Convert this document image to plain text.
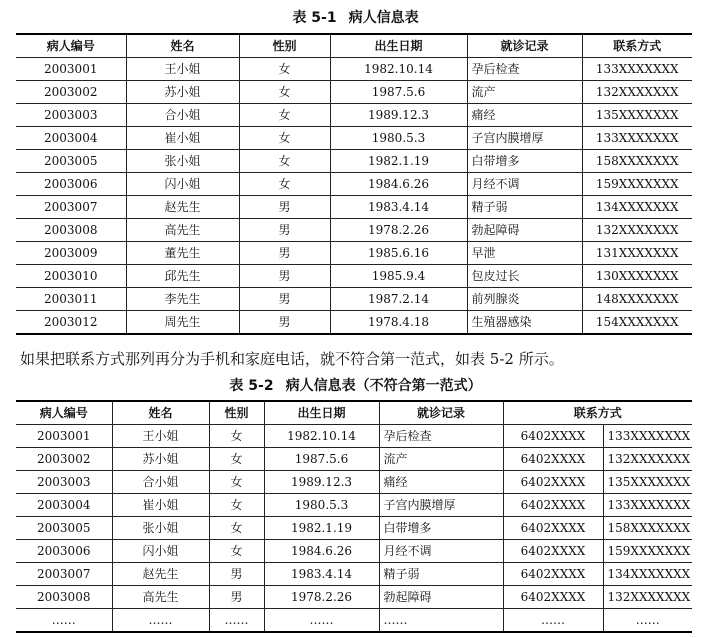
表 5-1 病人信息表
病人编号	姓名	性别	出生日期	就诊记录	联系方式
2003001	王小姐	女	1982.10.14	孕后检查	133XXXXXXX
2003002	苏小姐	女	1987.5.6	流产	132XXXXXXX
2003003	合小姐	女	1989.12.3	痛经	135XXXXXXX
2003004	崔小姐	女	1980.5.3	子宫内膜增厚	133XXXXXXX
2003005	张小姐	女	1982.1.19	白带增多	158XXXXXXX
2003006	闪小姐	女	1984.6.26	月经不调	159XXXXXXX
2003007	赵先生	男	1983.4.14	精子弱	134XXXXXXX
2003008	高先生	男	1978.2.26	勃起障碍	132XXXXXXX
2003009	董先生	男	1985.6.16	早泄	131XXXXXXX
2003010	邱先生	男	1985.9.4	包皮过长	130XXXXXXX
2003011	李先生	男	1987.2.14	前列腺炎	148XXXXXXX
2003012	周先生	男	1978.4.18	生殖器感染	154XXXXXXX
如果把联系方式那列再分为手机和家庭电话，就不符合第一范式，如表 5-2 所示。
表 5-2 病人信息表（不符合第一范式）
病人编号	姓名	性别	出生日期	就诊记录	联系方式	
2003001	王小姐	女	1982.10.14	孕后检查	6402XXXX	133XXXXXXX
2003002	苏小姐	女	1987.5.6	流产	6402XXXX	132XXXXXXX
2003003	合小姐	女	1989.12.3	痛经	6402XXXX	135XXXXXXX
2003004	崔小姐	女	1980.5.3	子宫内膜增厚	6402XXXX	133XXXXXXX
2003005	张小姐	女	1982.1.19	白带增多	6402XXXX	158XXXXXXX
2003006	闪小姐	女	1984.6.26	月经不调	6402XXXX	159XXXXXXX
2003007	赵先生	男	1983.4.14	精子弱	6402XXXX	134XXXXXXX
2003008	高先生	男	1978.2.26	勃起障碍	6402XXXX	132XXXXXXX
……	……	……	……	……	……	……
